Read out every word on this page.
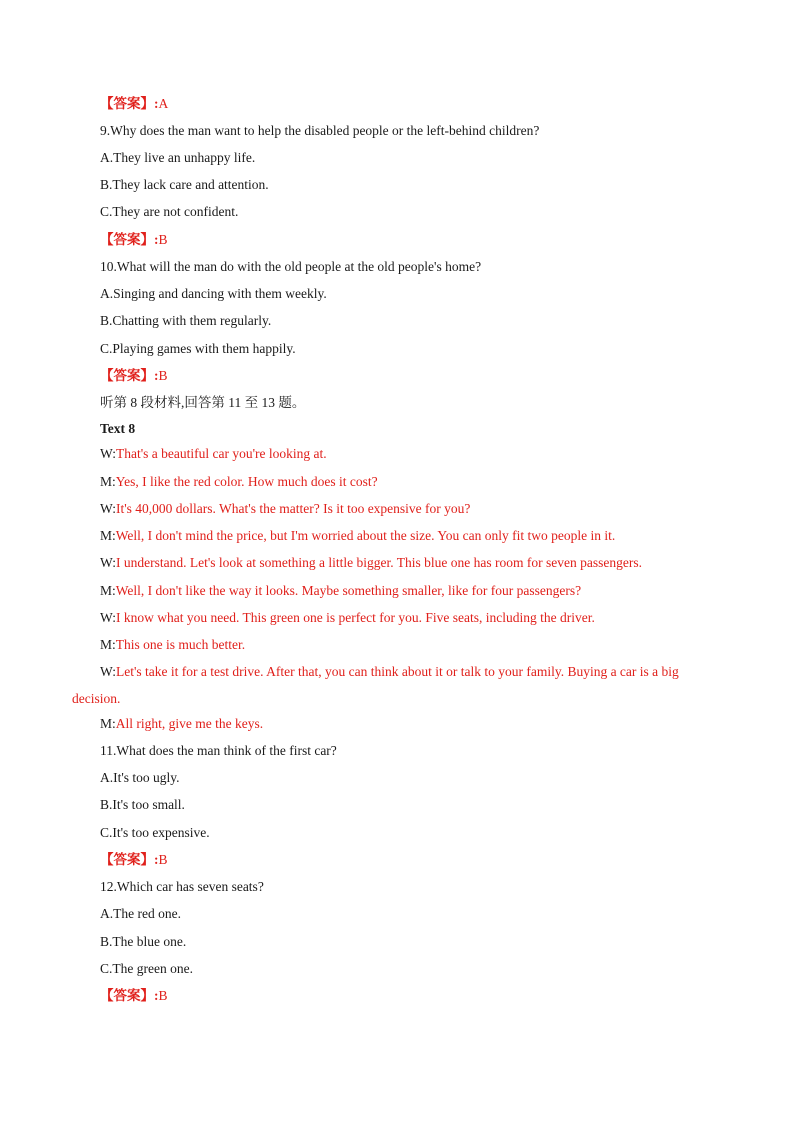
【答案】:A
9.Why does the man want to help the disabled people or the left-behind children?
A.They live an unhappy life.
B.They lack care and attention.
C.They are not confident.
【答案】:B
10.What will the man do with the old people at the old people's home?
A.Singing and dancing with them weekly.
B.Chatting with them regularly.
C.Playing games with them happily.
【答案】:B
听第 8 段材料,回答第 11 至 13 题。
Text 8
W:That's a beautiful car you're looking at.
M:Yes, I like the red color. How much does it cost?
W:It's 40,000 dollars. What's the matter? Is it too expensive for you?
M:Well, I don't mind the price, but I'm worried about the size. You can only fit two people in it.
W:I understand. Let's look at something a little bigger. This blue one has room for seven passengers.
M:Well, I don't like the way it looks. Maybe something smaller, like for four passengers?
W:I know what you need. This green one is perfect for you. Five seats, including the driver.
M:This one is much better.
W:Let's take it for a test drive. After that, you can think about it or talk to your family. Buying a car is a big
decision.
M:All right, give me the keys.
11.What does the man think of the first car?
A.It's too ugly.
B.It's too small.
C.It's too expensive.
【答案】:B
12.Which car has seven seats?
A.The red one.
B.The blue one.
C.The green one.
【答案】:B
